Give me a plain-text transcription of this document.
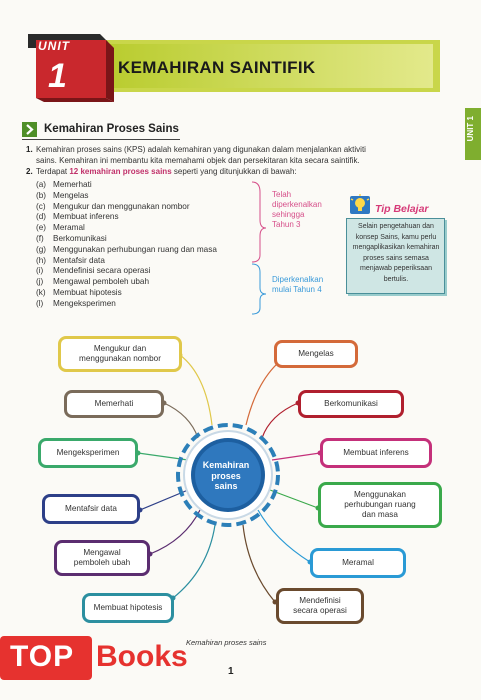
UNIT
1	KEMAHIRAN SAINTIFIK
UNIT 1
Kemahiran Proses Sains
1. Kemahiran proses sains (KPS) adalah kemahiran yang digunakan dalam menjalankan aktiviti
sains. Kemahiran ini membantu kita memahami objek dan persekitaran kita secara saintifik.
2. Terdapat 12 kemahiran proses sains seperti yang ditunjukkan di bawah:
(a) Memerhati
(b) Mengelas
(c) Mengukur dan menggunakan nombor
(d) Membuat inferens
(e) Meramal
(f) Berkomunikasi
(g) Menggunakan perhubungan ruang dan masa
(h) Mentafsir data
(i) Mendefinisi secara operasi
(j) Mengawal pemboleh ubah
(k) Membuat hipotesis
(l) Mengeksperimen
Telah
diperkenalkan
sehingga
Tahun 3
Diperkenalkan
mulai Tahun 4
Tip Belajar
Selain pengetahuan dan konsep Sains, kamu perlu mengaplikasikan kemahiran proses sains semasa menjawab peperiksaan bertulis.
Kemahiran
proses
sains
Mengukur dan
menggunakan nombor
Mengelas
Memerhati	Berkomunikasi
Mengeksperimen	Membuat inferens
Mentafsir data
Menggunakan
perhubungan ruang
dan masa
Mengawal
pemboleh ubah	Meramal
Membuat hipotesis
Mendefinisi
secara operasi
Kemahiran proses sains
1
TOP Books
